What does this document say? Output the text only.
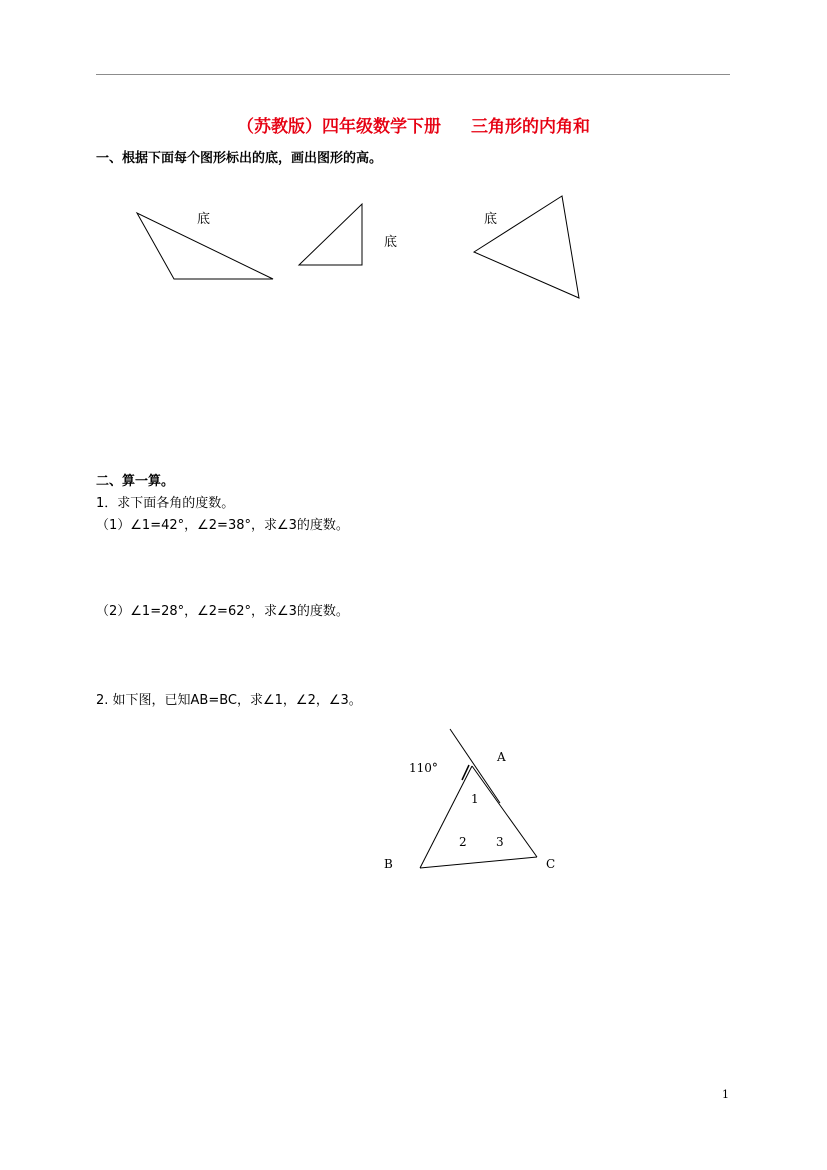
（苏教版）四年级数学下册 三角形的内角和
一、根据下面每个图形标出的底，画出图形的高。
底
底
底
二、算一算。
1．求下面各角的度数。
（1）∠1=42°，∠2=38°，求∠3的度数。
（2）∠1=28°，∠2=62°，求∠3的度数。
2. 如下图，已知AB=BC，求∠1，∠2，∠3。
110°
A
B	C
1
2 3
1
